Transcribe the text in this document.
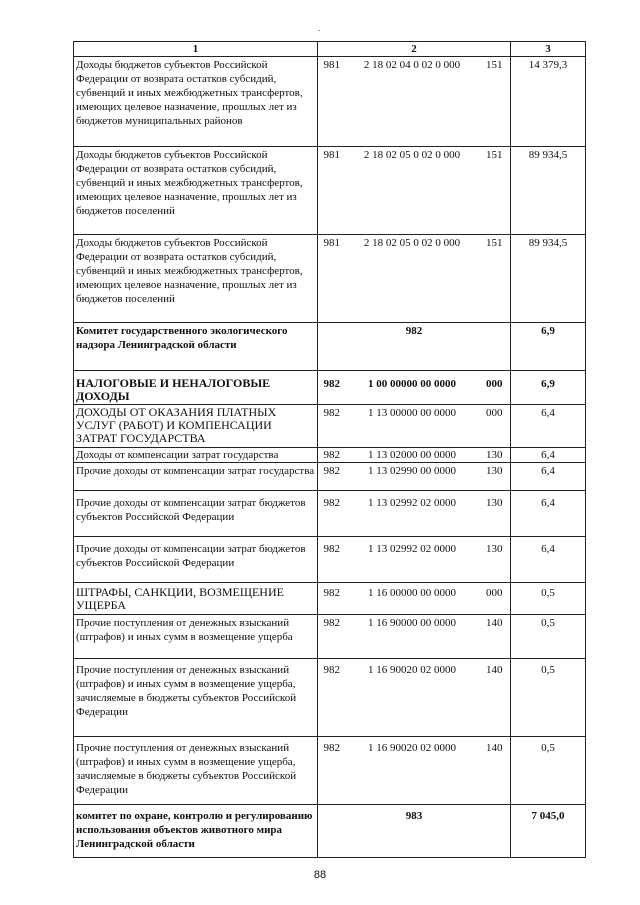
1	2			3
Доходы бюджетов субъектов Российской Федерации от возврата остатков субсидий, субвенций и иных межбюджетных трансфертов, имеющих целевое назначение, прошлых лет из бюджетов муниципальных районов	981	2 18 02 04 0 02 0 000	151	14 379,3
Доходы бюджетов субъектов Российской Федерации от возврата остатков субсидий, субвенций и иных межбюджетных трансфертов, имеющих целевое назначение, прошлых лет из бюджетов поселений	981	2 18 02 05 0 02 0 000	151	89 934,5
Доходы бюджетов субъектов Российской Федерации от возврата остатков субсидий, субвенций и иных межбюджетных трансфертов, имеющих целевое назначение, прошлых лет из бюджетов поселений	981	2 18 02 05 0 02 0 000	151	89 934,5
Комитет государственного экологического надзора Ленинградской области	982			6,9
НАЛОГОВЫЕ И НЕНАЛОГОВЫЕ ДОХОДЫ	982	1 00 00000 00 0000	000	6,9
ДОХОДЫ ОТ ОКАЗАНИЯ ПЛАТНЫХ УСЛУГ (РАБОТ) И КОМПЕНСАЦИИ ЗАТРАТ ГОСУДАРСТВА	982	1 13 00000 00 0000	000	6,4
Доходы от компенсации затрат государства	982	1 13 02000 00 0000	130	6,4
Прочие доходы от компенсации затрат государства	982	1 13 02990 00 0000	130	6,4
Прочие доходы от компенсации затрат бюджетов субъектов Российской Федерации	982	1 13 02992 02 0000	130	6,4
Прочие доходы от компенсации затрат бюджетов субъектов Российской Федерации	982	1 13 02992 02 0000	130	6,4
ШТРАФЫ, САНКЦИИ, ВОЗМЕЩЕНИЕ УЩЕРБА	982	1 16 00000 00 0000	000	0,5
Прочие поступления от денежных взысканий (штрафов) и иных сумм в возмещение ущерба	982	1 16 90000 00 0000	140	0,5
Прочие поступления от денежных взысканий (штрафов) и иных сумм в возмещение ущерба, зачисляемые в бюджеты субъектов Российской Федерации	982	1 16 90020 02 0000	140	0,5
Прочие поступления от денежных взысканий (штрафов) и иных сумм в возмещение ущерба, зачисляемые в бюджеты субъектов Российской Федерации	982	1 16 90020 02 0000	140	0,5
комитет по охране, контролю и регулированию использования объектов животного мира Ленинградской области	983			7 045,0
88
